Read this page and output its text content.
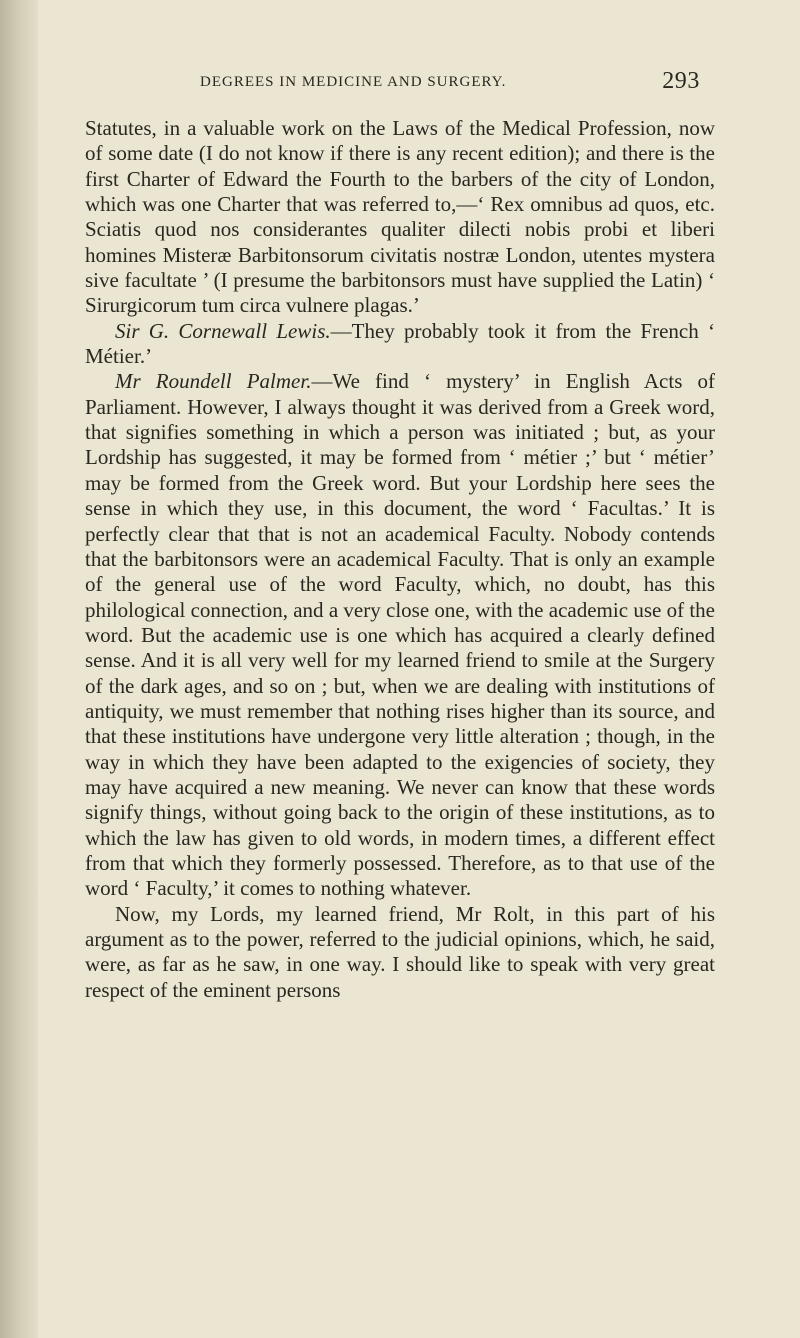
DEGREES IN MEDICINE AND SURGERY.	293

Statutes, in a valuable work on the Laws of the Medical Profession, now of some date (I do not know if there is any recent edition); and there is the first Charter of Edward the Fourth to the barbers of the city of London, which was one Charter that was referred to,—‘ Rex omnibus ad quos, etc. Sciatis quod nos considerantes qualiter dilecti nobis probi et liberi homines Misteræ Barbitonsorum civitatis nostræ London, utentes mystera sive facultate ’ (I presume the barbitonsors must have supplied the Latin) ‘ Sirurgicorum tum circa vulnere plagas.’

Sir G. Cornewall Lewis.—They probably took it from the French ‘ Métier.’

Mr Roundell Palmer.—We find ‘ mystery’ in English Acts of Parliament. However, I always thought it was derived from a Greek word, that signifies something in which a person was initiated ; but, as your Lordship has suggested, it may be formed from ‘ métier ;’ but ‘ métier’ may be formed from the Greek word. But your Lordship here sees the sense in which they use, in this document, the word ‘ Facultas.’ It is perfectly clear that that is not an academical Faculty. Nobody contends that the barbitonsors were an academical Faculty. That is only an example of the general use of the word Faculty, which, no doubt, has this philological connection, and a very close one, with the academic use of the word. But the academic use is one which has acquired a clearly defined sense. And it is all very well for my learned friend to smile at the Surgery of the dark ages, and so on ; but, when we are dealing with institutions of antiquity, we must remember that nothing rises higher than its source, and that these institutions have undergone very little alteration ; though, in the way in which they have been adapted to the exigencies of society, they may have acquired a new meaning. We never can know that these words signify things, without going back to the origin of these institutions, as to which the law has given to old words, in modern times, a different effect from that which they formerly possessed. Therefore, as to that use of the word ‘ Faculty,’ it comes to nothing whatever.

Now, my Lords, my learned friend, Mr Rolt, in this part of his argument as to the power, referred to the judicial opinions, which, he said, were, as far as he saw, in one way. I should like to speak with very great respect of the eminent persons
